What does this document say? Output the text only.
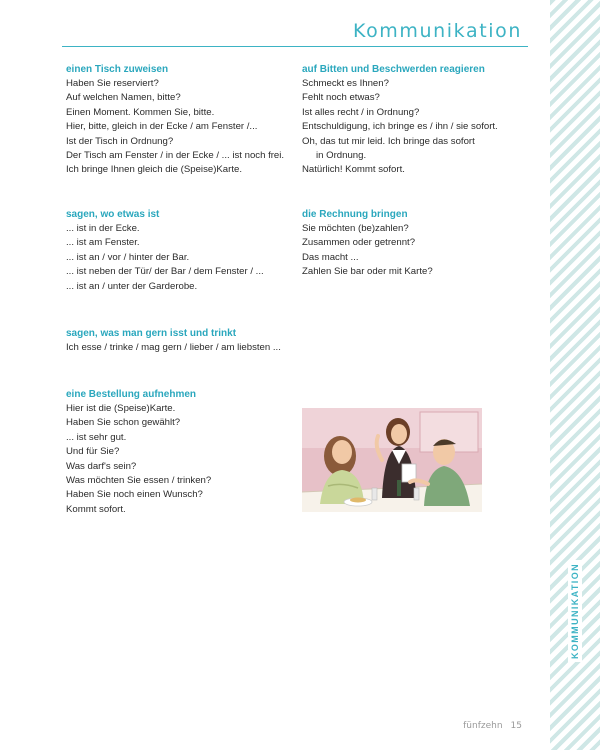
KOMMUNIKATION
Kommunikation
einen Tisch zuweisen
Haben Sie reserviert?
Auf welchen Namen, bitte?
Einen Moment. Kommen Sie, bitte.
Hier, bitte, gleich in der Ecke / am Fenster /...
Ist der Tisch in Ordnung?
Der Tisch am Fenster / in der Ecke / ... ist noch frei.
Ich bringe Ihnen gleich die (Speise)Karte.
auf Bitten und Beschwerden reagieren
Schmeckt es Ihnen?
Fehlt noch etwas?
Ist alles recht / in Ordnung?
Entschuldigung, ich bringe es / ihn / sie sofort.
Oh, das tut mir leid. Ich bringe das sofort
in Ordnung.
Natürlich! Kommt sofort.
sagen, wo etwas ist
... ist in der Ecke.
... ist am Fenster.
... ist an / vor / hinter der Bar.
... ist neben der Tür/ der Bar / dem Fenster / ...
... ist an / unter der Garderobe.
die Rechnung bringen
Sie möchten (be)zahlen?
Zusammen oder getrennt?
Das macht ...
Zahlen Sie bar oder mit Karte?
sagen, was man gern isst und trinkt
Ich esse / trinke / mag gern / lieber / am liebsten ...
eine Bestellung aufnehmen
Hier ist die (Speise)Karte.
Haben Sie schon gewählt?
... ist sehr gut.
Und für Sie?
Was darf's sein?
Was möchten Sie essen / trinken?
Haben Sie noch einen Wunsch?
Kommt sofort.
fünfzehn 15
